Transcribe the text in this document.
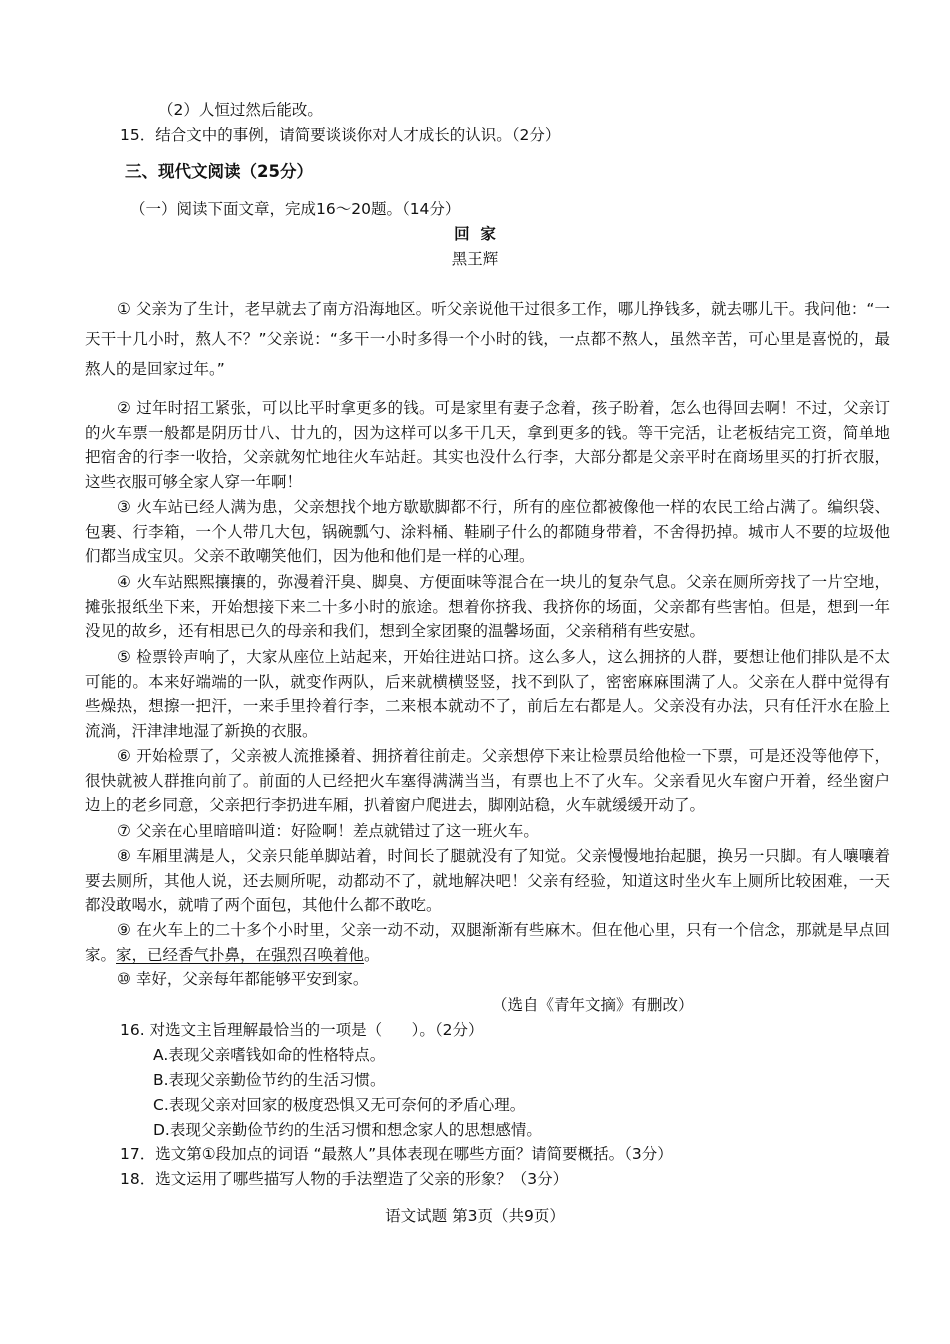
（2）人恒过然后能改。
15．结合文中的事例，请简要谈谈你对人才成长的认识。（2分）
三、现代文阅读（25分）
（一）阅读下面文章，完成16～20题。（14分）
回  家
黑王辉
① 父亲为了生计，老早就去了南方沿海地区。听父亲说他干过很多工作，哪儿挣钱多，就去哪儿干。我问他：“一天干十几小时，熬人不？”父亲说：“多干一小时多得一个小时的钱，一点都不熬人，虽然辛苦，可心里是喜悦的，最熬人的是回家过年。”
② 过年时招工紧张，可以比平时拿更多的钱。可是家里有妻子念着，孩子盼着，怎么也得回去啊！不过，父亲订的火车票一般都是阴历廿八、廿九的，因为这样可以多干几天，拿到更多的钱。等干完活，让老板结完工资，简单地把宿舍的行李一收拾，父亲就匆忙地往火车站赶。其实也没什么行李，大部分都是父亲平时在商场里买的打折衣服，这些衣服可够全家人穿一年啊！
③ 火车站已经人满为患，父亲想找个地方歇歇脚都不行，所有的座位都被像他一样的农民工给占满了。编织袋、包裹、行李箱，一个人带几大包，锅碗瓢勺、涂料桶、鞋刷子什么的都随身带着，不舍得扔掉。城市人不要的垃圾他们都当成宝贝。父亲不敢嘲笑他们，因为他和他们是一样的心理。
④ 火车站熙熙攘攘的，弥漫着汗臭、脚臭、方便面味等混合在一块儿的复杂气息。父亲在厕所旁找了一片空地，摊张报纸坐下来，开始想接下来二十多小时的旅途。想着你挤我、我挤你的场面，父亲都有些害怕。但是，想到一年没见的故乡，还有相思已久的母亲和我们，想到全家团聚的温馨场面，父亲稍稍有些安慰。
⑤ 检票铃声响了，大家从座位上站起来，开始往进站口挤。这么多人，这么拥挤的人群，要想让他们排队是不太可能的。本来好端端的一队，就变作两队，后来就横横竖竖，找不到队了，密密麻麻围满了人。父亲在人群中觉得有些燥热，想擦一把汗，一来手里拎着行李，二来根本就动不了，前后左右都是人。父亲没有办法，只有任汗水在脸上流淌，汗津津地湿了新换的衣服。
⑥ 开始检票了，父亲被人流推搡着、拥挤着往前走。父亲想停下来让检票员给他检一下票，可是还没等他停下，很快就被人群推向前了。前面的人已经把火车塞得满满当当，有票也上不了火车。父亲看见火车窗户开着，经坐窗户边上的老乡同意，父亲把行李扔进车厢，扒着窗户爬进去，脚刚站稳，火车就缓缓开动了。
⑦ 父亲在心里暗暗叫道：好险啊！差点就错过了这一班火车。
⑧ 车厢里满是人，父亲只能单脚站着，时间长了腿就没有了知觉。父亲慢慢地抬起腿，换另一只脚。有人嚷嚷着要去厕所，其他人说，还去厕所呢，动都动不了，就地解决吧！父亲有经验，知道这时坐火车上厕所比较困难，一天都没敢喝水，就啃了两个面包，其他什么都不敢吃。
⑨ 在火车上的二十多个小时里，父亲一动不动，双腿渐渐有些麻木。但在他心里，只有一个信念，那就是早点回家。家，已经香气扑鼻，在强烈召唤着他。
⑩ 幸好，父亲每年都能够平安到家。
（选自《青年文摘》有删改）
16. 对选文主旨理解最恰当的一项是（      ）。（2分）
A.表现父亲嗜钱如命的性格特点。
B.表现父亲勤俭节约的生活习惯。
C.表现父亲对回家的极度恐惧又无可奈何的矛盾心理。
D.表现父亲勤俭节约的生活习惯和想念家人的思想感情。
17．选文第①段加点的词语 “最熬人”具体表现在哪些方面？请简要概括。（3分）
18．选文运用了哪些描写人物的手法塑造了父亲的形象？（3分）
语文试题 第3页（共9页）
